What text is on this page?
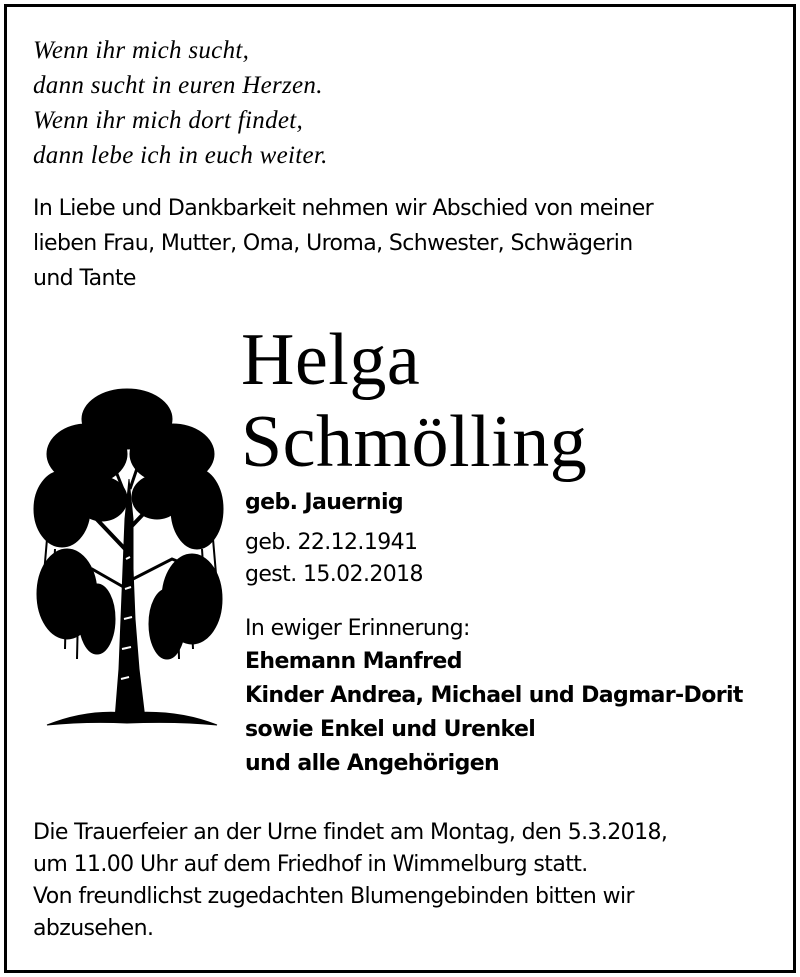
Wenn ihr mich sucht,
dann sucht in euren Herzen.
Wenn ihr mich dort findet,
dann lebe ich in euch weiter.
In Liebe und Dankbarkeit nehmen wir Abschied von meiner
lieben Frau, Mutter, Oma, Uroma, Schwester, Schwägerin
und Tante
Helga
Schmölling
geb. Jauernig
geb. 22.12.1941
gest. 15.02.2018
In ewiger Erinnerung:
Ehemann Manfred
Kinder Andrea, Michael und Dagmar-Dorit
sowie Enkel und Urenkel
und alle Angehörigen
Die Trauerfeier an der Urne findet am Montag, den 5.3.2018,
um 11.00 Uhr auf dem Friedhof in Wimmelburg statt.
Von freundlichst zugedachten Blumengebinden bitten wir
abzusehen.
